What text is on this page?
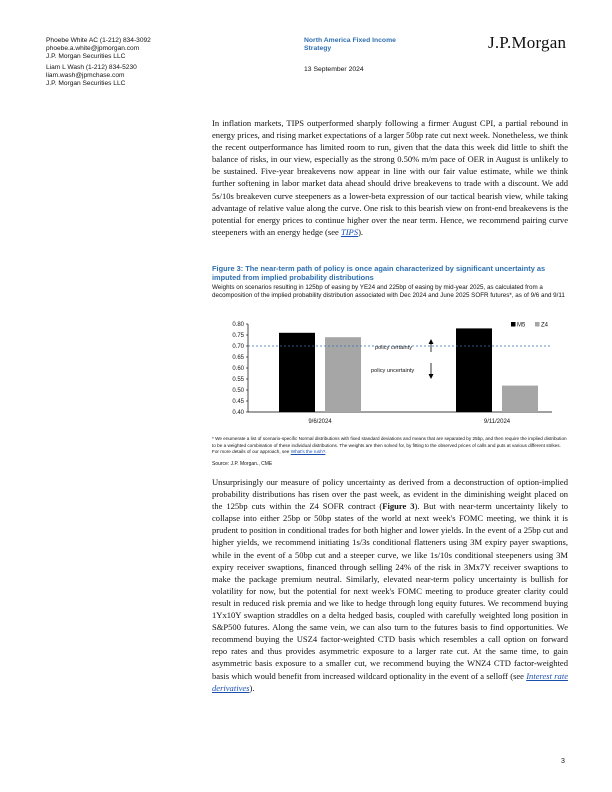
Phoebe White AC (1-212) 834-3092
phoebe.a.white@jpmorgan.com
J.P. Morgan Securities LLC
Liam L Wash (1-212) 834-5230
liam.wash@jpmchase.com
J.P. Morgan Securities LLC
North America Fixed Income
Strategy
13 September 2024
J.P.Morgan
In inflation markets, TIPS outperformed sharply following a firmer August CPI, a partial rebound in energy prices, and rising market expectations of a larger 50bp rate cut next week. Nonetheless, we think the recent outperformance has limited room to run, given that the data this week did little to shift the balance of risks, in our view, especially as the strong 0.50% m/m pace of OER in August is unlikely to be sustained. Five-year breakevens now appear in line with our fair value estimate, while we think further softening in labor market data ahead should drive breakevens to trade with a discount. We add 5s/10s breakeven curve steepeners as a lower-beta expression of our tactical bearish view, while taking advantage of relative value along the curve. One risk to this bearish view on front-end breakevens is the potential for energy prices to continue higher over the near term. Hence, we recommend pairing curve steepeners with an energy hedge (see TIPS).
Figure 3: The near-term path of policy is once again characterized by significant uncertainty as imputed from implied probability distributions
Weights on scenarios resulting in 125bp of easing by YE24 and 225bp of easing by mid-year 2025, as calculated from a decomposition of the implied probability distribution associated with Dec 2024 and June 2025 SOFR futures*, as of 9/6 and 9/11
0.80
0.75
0.70
0.65
0.60
0.55
0.50
0.45
0.40
policy certainty
policy uncertainty
M5	Z4
9/6/2024	9/11/2024
* We enumerate a list of scenario-specific Normal distributions with fixed standard deviations and means that are separated by 25bp, and then require the implied distribution to be a weighted combination of these individual distributions. The weights are then solved for, by fitting to the observed prices of calls and puts at various different strikes. For more details of our approach, see What's the rush?.
Source: J.P. Morgan., CME
Unsurprisingly our measure of policy uncertainty as derived from a deconstruction of option-implied probability distributions has risen over the past week, as evident in the diminishing weight placed on the 125bp cuts within the Z4 SOFR contract (Figure 3). But with near-term uncertainty likely to collapse into either 25bp or 50bp states of the world at next week's FOMC meeting, we think it is prudent to position in conditional trades for both higher and lower yields. In the event of a 25bp cut and higher yields, we recommend initiating 1s/3s conditional flatteners using 3M expiry payer swaptions, while in the event of a 50bp cut and a steeper curve, we like 1s/10s conditional steepeners using 3M expiry receiver swaptions, financed through selling 24% of the risk in 3Mx7Y receiver swaptions to make the package premium neutral. Similarly, elevated near-term policy uncertainty is bullish for volatility for now, but the potential for next week's FOMC meeting to produce greater clarity could result in reduced risk premia and we like to hedge through long equity futures. We recommend buying 1Yx10Y swaption straddles on a delta hedged basis, coupled with carefully weighted long position in S&P500 futures. Along the same vein, we can also turn to the futures basis to find opportunities. We recommend buying the USZ4 factor-weighted CTD basis which resembles a call option on forward repo rates and thus provides asymmetric exposure to a larger rate cut. At the same time, to gain asymmetric basis exposure to a smaller cut, we recommend buying the WNZ4 CTD factor-weighted basis which would benefit from increased wildcard optionality in the event of a selloff (see Interest rate derivatives).
3
